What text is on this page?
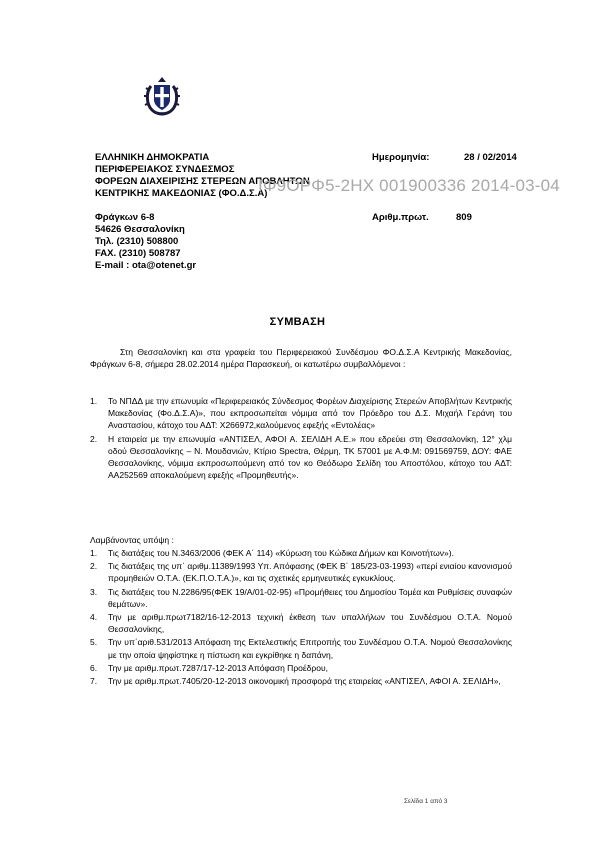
ΕΛΛΗΝΙΚΗ ΔΗΜΟΚΡΑΤΙΑ
ΠΕΡΙΦΕΡΕΙΑΚΟΣ ΣΥΝΔΕΣΜΟΣ
ΦΟΡΕΩΝ ΔΙΑΧΕΙΡΙΣΗΣ ΣΤΕΡΕΩΝ ΑΠΟΒΛΗΤΩΝ
ΚΕΝΤΡΙΚΗΣ ΜΑΚΕΔΟΝΙΑΣ (ΦΟ.Δ.Σ.Α)
Φράγκων 6-8
54626 Θεσσαλονίκη
Τηλ. (2310) 508800
FAX. (2310) 508787
E-mail : ota@otenet.gr
Ημερομηνία:	28 / 02/2014
Αριθμ.πρωτ.	809
ΙΦ9ΟΡΦ5-2ΗΧ 001900336 2014-03-04
ΣΥΜΒΑΣΗ
Στη Θεσσαλονίκη και στα γραφεία του Περιφερειακού Συνδέσμου ΦΟ.Δ.Σ.Α Κεντρικής Μακεδονίας, Φράγκων 6-8, σήμερα 28.02.2014 ημέρα Παρασκευή, οι κατωτέρω συμβαλλόμενοι :
1. Το ΝΠΔΔ με την επωνυμία «Περιφερειακός Σύνδεσμος Φορέων Διαχείρισης Στερεών Αποβλήτων Κεντρικής Μακεδονίας (Φο.Δ.Σ.Α)», που εκπροσωπείται νόμιμα από τον Πρόεδρο του Δ.Σ. Μιχαήλ Γεράνη του Αναστασίου, κάτοχο του ΑΔΤ: Χ266972,καλούμενος εφεξής «Εντολέας»
2. Η εταιρεία με την επωνυμία «ΑΝΤΙΣΕΛ, ΑΦΟΙ Α. ΣΕΛΙΔΗ Α.Ε.» που εδρεύει στη Θεσσαλονίκη, 12° χλμ οδού Θεσσαλονίκης – Ν. Μουδανιών, Κτίριο Spectra, Θέρμη, ΤΚ 57001 με Α.Φ.Μ: 091569759, ΔΟΥ: ΦΑΕ Θεσσαλονίκης, νόμιμα εκπροσωπούμενη από τον κο Θεόδωρο Σελίδη του Αποστόλου, κάτοχο του ΑΔΤ: ΑΑ252569 αποκαλούμενη εφεξής «Προμηθευτής».
Λαμβάνοντας υπόψη :
1. Τις διατάξεις του Ν.3463/2006 (ΦΕΚ Α΄ 114) «Κύρωση του Κώδικα Δήμων και Κοινοτήτων»).
2. Τις διατάξεις της υπ΄ αριθμ.11389/1993 Υπ. Απόφασης (ΦΕΚ Β΄ 185/23-03-1993) «περί ενιαίου κανονισμού προμηθειών Ο.Τ.Α. (ΕΚ.Π.Ο.Τ.Α.)», και τις σχετικές ερμηνευτικές εγκυκλίους.
3. Τις διατάξεις του Ν.2286/95(ΦΕΚ 19/Α/01-02-95) «Προμήθειες του Δημοσίου Τομέα και Ρυθμίσεις συναφών θεμάτων».
4. Την με αριθμ.πρωτ7182/16-12-2013 τεχνική έκθεση των υπαλλήλων του Συνδέσμου Ο.Τ.Α. Νομού Θεσσαλονίκης,
5. Την υπ΄αριθ.531/2013 Απόφαση της Εκτελεστικής Επιτροπής του Συνδέσμου Ο.Τ.Α. Νομού Θεσσαλονίκης με την οποία ψηφίστηκε η πίστωση και εγκρίθηκε η δαπάνη,
6. Την με αριθμ.πρωτ.7287/17-12-2013 Απόφαση Προέδρου,
7. Την με αριθμ.πρωτ.7405/20-12-2013 οικονομική προσφορά της εταιρείας «ΑΝΤΙΣΕΛ, ΑΦΟΙ Α. ΣΕΛΙΔΗ»,
Σελίδα 1 από 3
